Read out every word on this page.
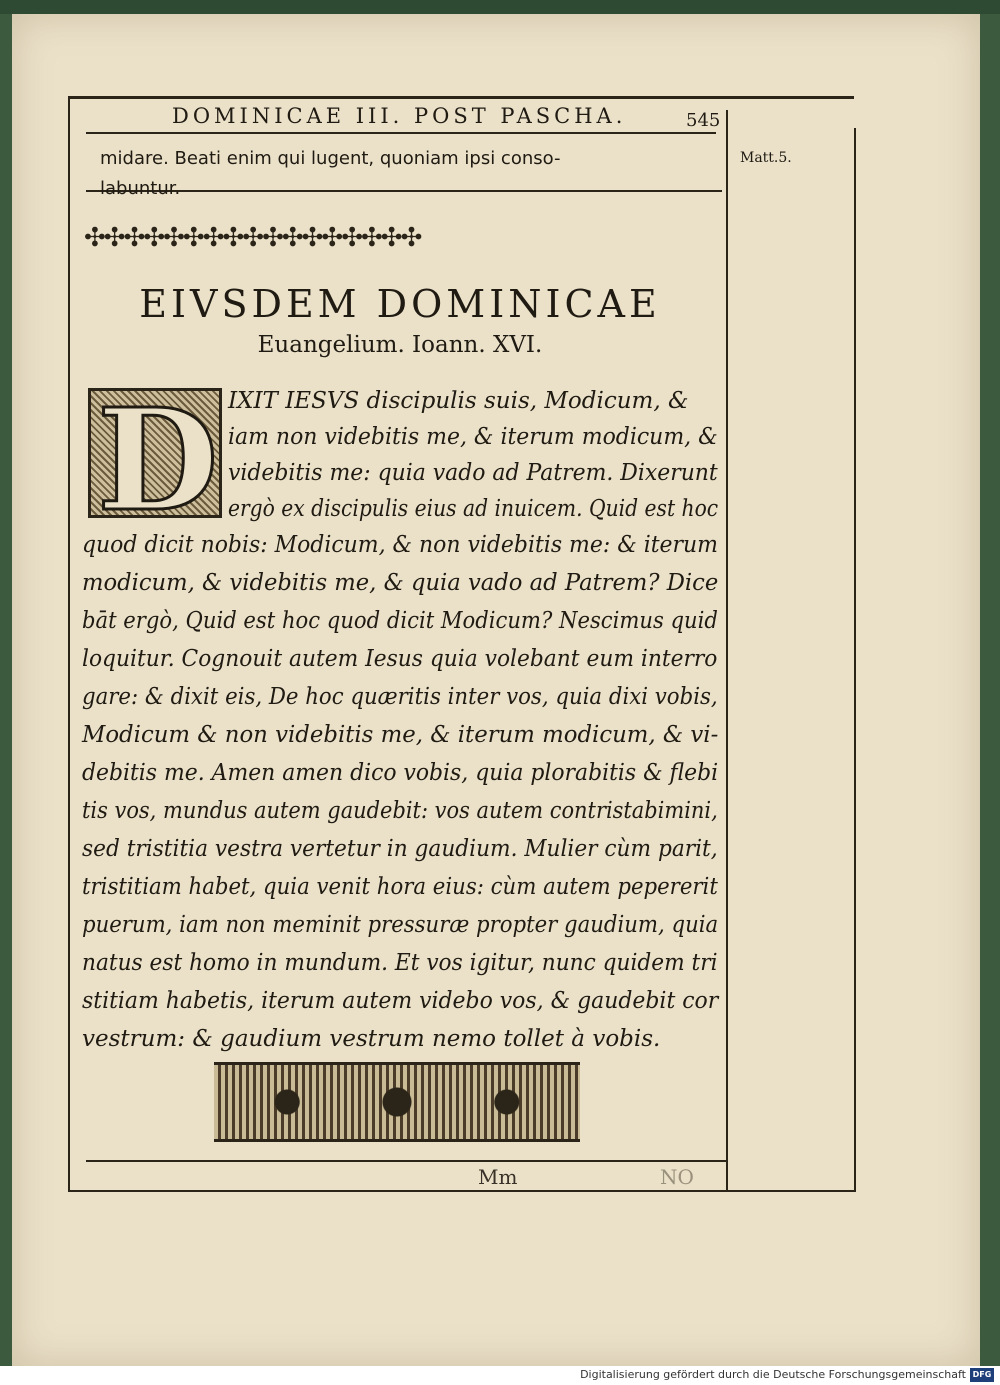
DOMINICAE III. POST PASCHA.	545
midare. Beati enim qui lugent, quoniam ipsi conso-
labuntur.
Matt.5.
✣✣✣✣✣✣✣✣✣✣✣✣✣✣✣✣✣
EIVSDEM DOMINICAE
Euangelium. Ioann. XVI.
D IXIT IESVS discipulis suis, Modicum, &
iam non videbitis me, & iterum modicum, &
videbitis me: quia vado ad Patrem. Dixerunt
ergò ex discipulis eius ad inuicem. Quid est hoc
quod dicit nobis: Modicum, & non videbitis me: & iterum
modicum, & videbitis me, & quia vado ad Patrem? Dice
bāt ergò, Quid est hoc quod dicit Modicum? Nescimus quid
loquitur. Cognouit autem Iesus quia volebant eum interro
gare: & dixit eis, De hoc quæritis inter vos, quia dixi vobis,
Modicum & non videbitis me, & iterum modicum, & vi-
debitis me. Amen amen dico vobis, quia plorabitis & flebi
tis vos, mundus autem gaudebit: vos autem contristabimini,
sed tristitia vestra vertetur in gaudium. Mulier cùm parit,
tristitiam habet, quia venit hora eius: cùm autem pepererit
puerum, iam non meminit pressuræ propter gaudium, quia
natus est homo in mundum. Et vos igitur, nunc quidem tri
stitiam habetis, iterum autem videbo vos, & gaudebit cor
vestrum: & gaudium vestrum nemo tollet à vobis.
Mm	NO
Digitalisierung gefördert durch die Deutsche Forschungsgemeinschaft DFG
